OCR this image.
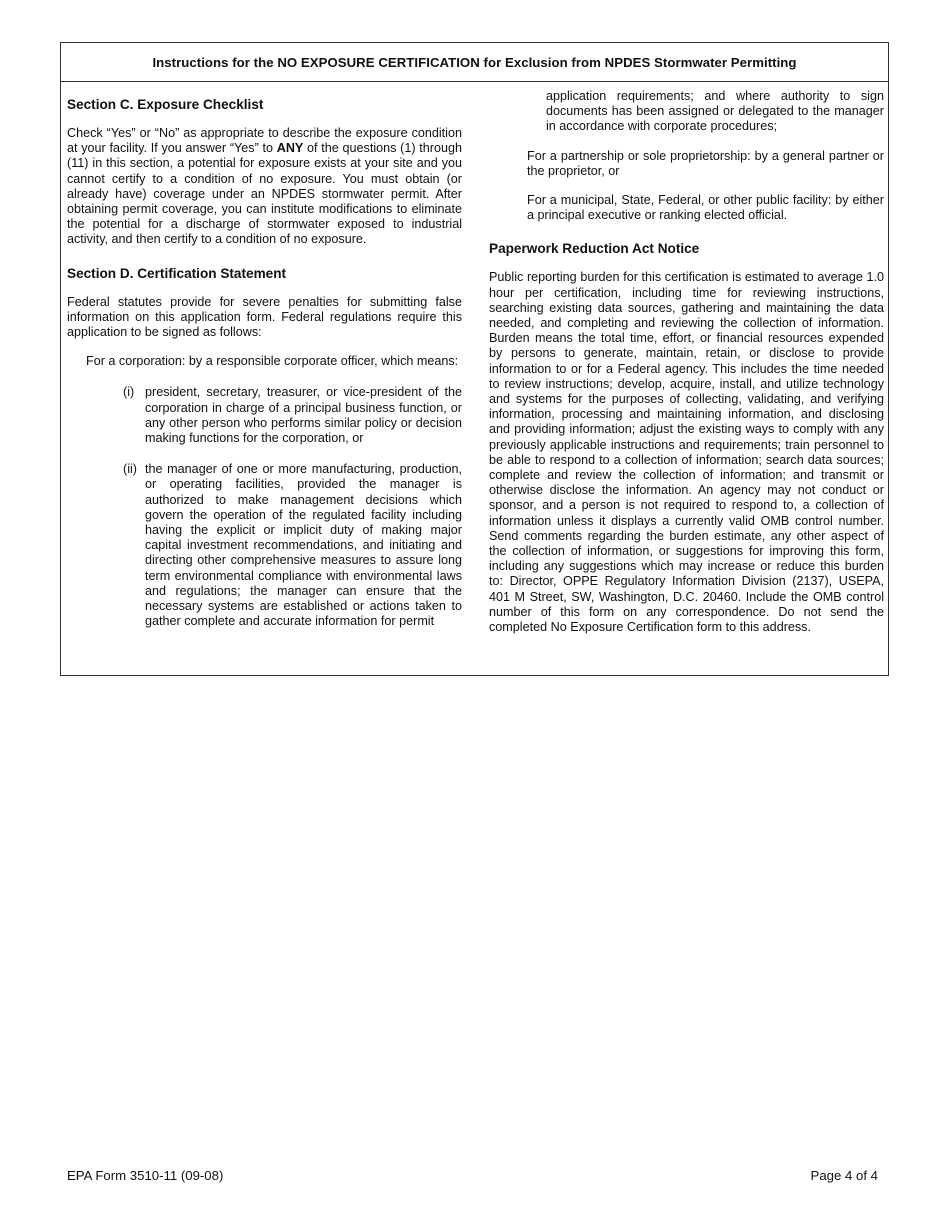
Instructions for the NO EXPOSURE CERTIFICATION for Exclusion from NPDES Stormwater Permitting
Section C. Exposure Checklist

Check “Yes” or “No” as appropriate to describe the exposure condition at your facility. If you answer “Yes” to ANY of the questions (1) through (11) in this section, a potential for exposure exists at your site and you cannot certify to a condition of no exposure. You must obtain (or already have) coverage under an NPDES stormwater permit. After obtaining permit coverage, you can institute modifications to eliminate the potential for a discharge of stormwater exposed to industrial activity, and then certify to a condition of no exposure.

Section D. Certification Statement

Federal statutes provide for severe penalties for submitting false information on this application form. Federal regulations require this application to be signed as follows:

For a corporation: by a responsible corporate officer, which means:

(i) president, secretary, treasurer, or vice-president of the corporation in charge of a principal business function, or any other person who performs similar policy or decision making functions for the corporation, or
(ii) the manager of one or more manufacturing, production, or operating facilities, provided the manager is authorized to make management decisions which govern the operation of the regulated facility including having the explicit or implicit duty of making major capital investment recommendations, and initiating and directing other comprehensive measures to assure long term environmental compliance with environmental laws and regulations; the manager can ensure that the necessary systems are established or actions taken to gather complete and accurate information for permit

application requirements; and where authority to sign documents has been assigned or delegated to the manager in accordance with corporate procedures;

For a partnership or sole proprietorship: by a general partner or the proprietor, or

For a municipal, State, Federal, or other public facility: by either a principal executive or ranking elected official.

Paperwork Reduction Act Notice

Public reporting burden for this certification is estimated to average 1.0 hour per certification, including time for reviewing instructions, searching existing data sources, gathering and maintaining the data needed, and completing and reviewing the collection of information. Burden means the total time, effort, or financial resources expended by persons to generate, maintain, retain, or disclose to provide information to or for a Federal agency. This includes the time needed to review instructions; develop, acquire, install, and utilize technology and systems for the purposes of collecting, validating, and verifying information, processing and maintaining information, and disclosing and providing information; adjust the existing ways to comply with any previously applicable instructions and requirements; train personnel to be able to respond to a collection of information; search data sources; complete and review the collection of information; and transmit or otherwise disclose the information. An agency may not conduct or sponsor, and a person is not required to respond to, a collection of information unless it displays a currently valid OMB control number. Send comments regarding the burden estimate, any other aspect of the collection of information, or suggestions for improving this form, including any suggestions which may increase or reduce this burden to: Director, OPPE Regulatory Information Division (2137), USEPA, 401 M Street, SW, Washington, D.C. 20460. Include the OMB control number of this form on any correspondence. Do not send the completed No Exposure Certification form to this address.

EPA Form 3510-11 (09-08)	Page 4 of 4
